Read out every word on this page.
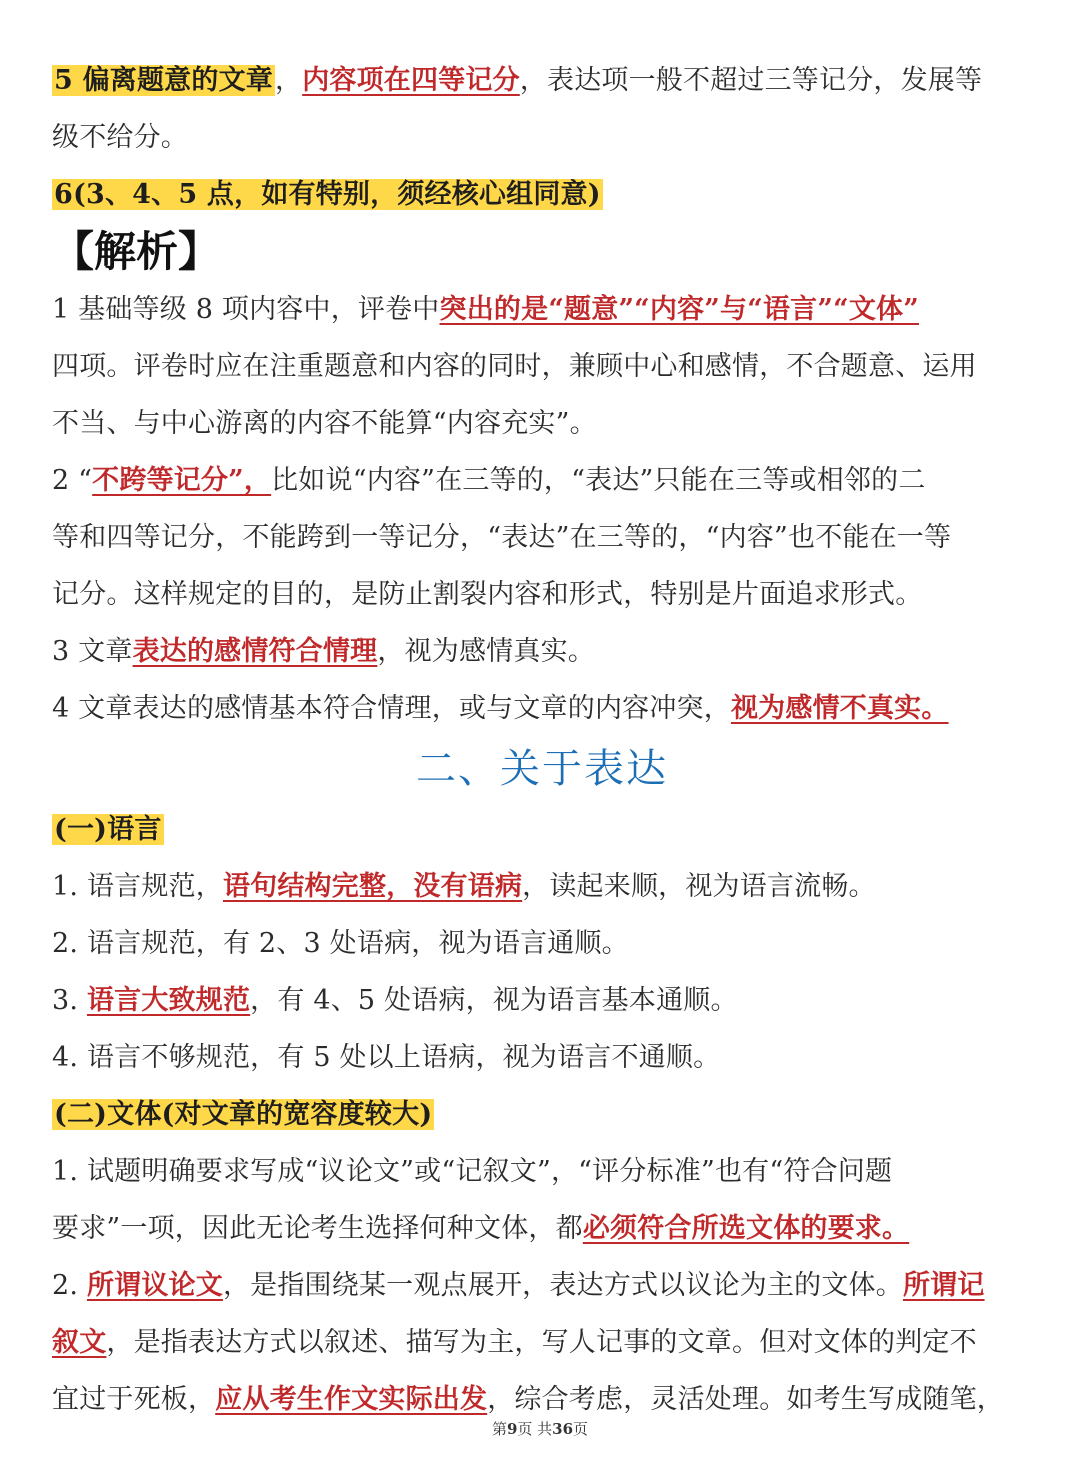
5 偏离题意的文章，内容项在四等记分，表达项一般不超过三等记分，发展等
级不给分。
6(3、4、5 点，如有特别，须经核心组同意)
【解析】
1 基础等级 8 项内容中，评卷中突出的是“题意”“内容”与“语言”“文体”
四项。评卷时应在注重题意和内容的同时，兼顾中心和感情，不合题意、运用
不当、与中心游离的内容不能算“内容充实”。
2 “不跨等记分”，比如说“内容”在三等的，“表达”只能在三等或相邻的二
等和四等记分，不能跨到一等记分，“表达”在三等的，“内容”也不能在一等
记分。这样规定的目的，是防止割裂内容和形式，特别是片面追求形式。
3 文章表达的感情符合情理，视为感情真实。
4 文章表达的感情基本符合情理，或与文章的内容冲突，视为感情不真实。
二、关于表达
(一)语言
1. 语言规范，语句结构完整，没有语病，读起来顺，视为语言流畅。
2. 语言规范，有 2、3 处语病，视为语言通顺。
3. 语言大致规范，有 4、5 处语病，视为语言基本通顺。
4. 语言不够规范，有 5 处以上语病，视为语言不通顺。
(二)文体(对文章的宽容度较大)
1. 试题明确要求写成“议论文”或“记叙文”，“评分标准”也有“符合问题
要求”一项，因此无论考生选择何种文体，都必须符合所选文体的要求。
2. 所谓议论文，是指围绕某一观点展开，表达方式以议论为主的文体。所谓记
叙文，是指表达方式以叙述、描写为主，写人记事的文章。但对文体的判定不
宜过于死板，应从考生作文实际出发，综合考虑，灵活处理。如考生写成随笔，
第9页 共36页
